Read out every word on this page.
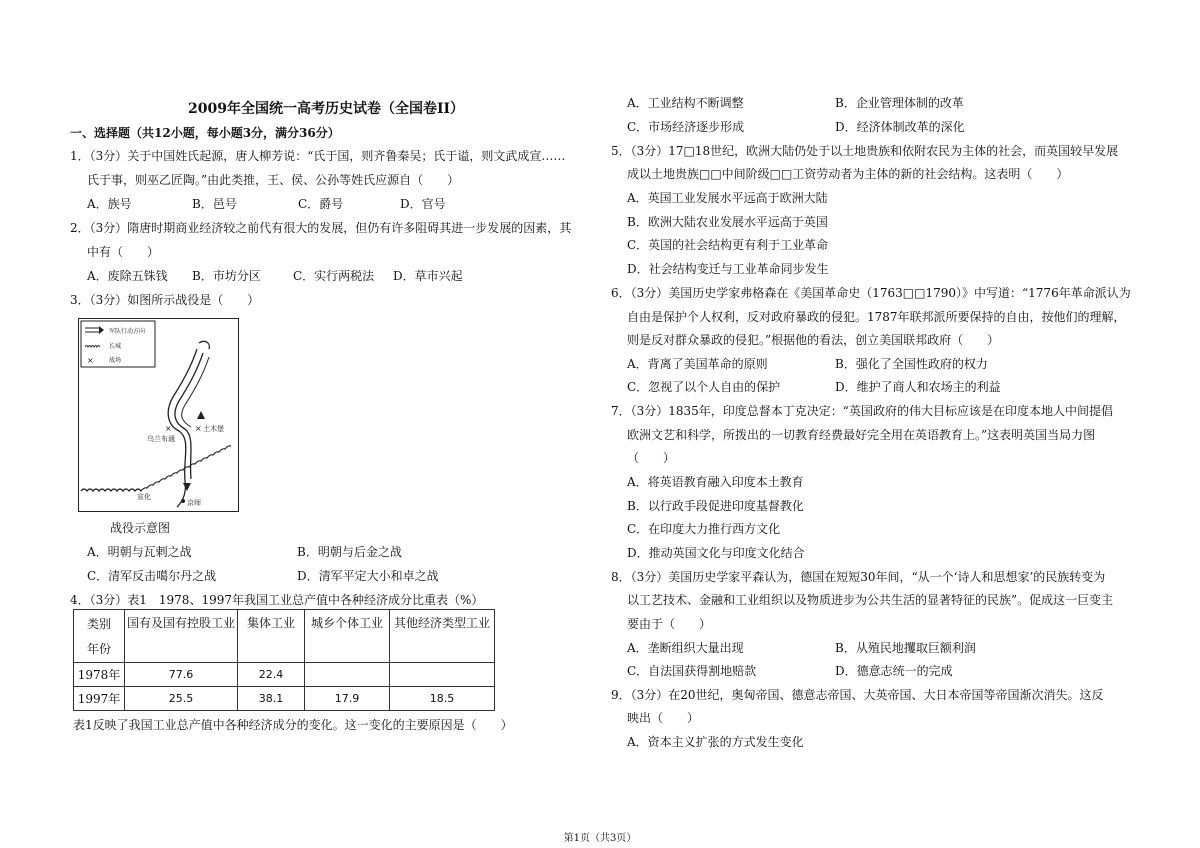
2009年全国统一高考历史试卷（全国卷II）
一、选择题（共12小题，每小题3分，满分36分）
1．（3分）关于中国姓氏起源，唐人柳芳说：“氏于国，则齐鲁秦吴；氏于谥，则文武成宣……
氏于事，则巫乙匠陶。”由此类推，王、侯、公孙等姓氏应源自（　　）
A．族号	B．邑号	C．爵号	D．官号
2．（3分）隋唐时期商业经济较之前代有很大的发展，但仍有许多阻碍其进一步发展的因素，其
中有（　　）
A．废除五铢钱 B．市坊分区	C．实行两税法 D．草市兴起
3．（3分）如图所示战役是（　　）
军队行动方向
长城
×	战场
×
×	土木堡
乌兰布通
宣化
京师
战役示意图
A．明朝与瓦剌之战	B．明朝与后金之战
C．清军反击噶尔丹之战	D．清军平定大小和卓之战
4．（3分）表1　1978、1997年我国工业总产值中各种经济成分比重表（%）
类别
年份	国有及国有控股工业	集体工业	城乡个体工业	其他经济类型工业

1978年	77.6	22.4		
1997年	25.5	38.1	17.9	18.5
表1反映了我国工业总产值中各种经济成分的变化。这一变化的主要原因是（　　）
A．工业结构不断调整	B．企业管理体制的改革
C．市场经济逐步形成	D．经济体制改革的深化
5．（3分）17□18世纪，欧洲大陆仍处于以土地贵族和依附农民为主体的社会，而英国较早发展
成以土地贵族□□中间阶级□□工资劳动者为主体的新的社会结构。这表明（　　）
A．英国工业发展水平远高于欧洲大陆
B．欧洲大陆农业发展水平远高于英国
C．英国的社会结构更有利于工业革命
D．社会结构变迁与工业革命同步发生
6．（3分）美国历史学家弗格森在《美国革命史（1763□□1790）》中写道：“1776年革命派认为
自由是保护个人权利，反对政府暴政的侵犯。1787年联邦派所要保持的自由，按他们的理解，
则是反对群众暴政的侵犯。”根据他的看法，创立美国联邦政府（　　）
A．背离了美国革命的原则	B．强化了全国性政府的权力
C．忽视了以个人自由的保护	D．维护了商人和农场主的利益
7．（3分）1835年，印度总督本丁克决定：“英国政府的伟大目标应该是在印度本地人中间提倡
欧洲文艺和科学，所拨出的一切教育经费最好完全用在英语教育上。”这表明英国当局力图
（　　）
A．将英语教育融入印度本土教育
B．以行政手段促进印度基督教化
C．在印度大力推行西方文化
D．推动英国文化与印度文化结合
8．（3分）美国历史学家平森认为，德国在短短30年间，“从一个‘诗人和思想家’的民族转变为
以工艺技术、金融和工业组织以及物质进步为公共生活的显著特征的民族”。促成这一巨变主
要由于（　　）
A．垄断组织大量出现	B．从殖民地攫取巨额利润
C．自法国获得割地赔款	D．德意志统一的完成
9．（3分）在20世纪，奥匈帝国、德意志帝国、大英帝国、大日本帝国等帝国渐次消失。这反
映出（　　）
A．资本主义扩张的方式发生变化
第1页（共3页）
